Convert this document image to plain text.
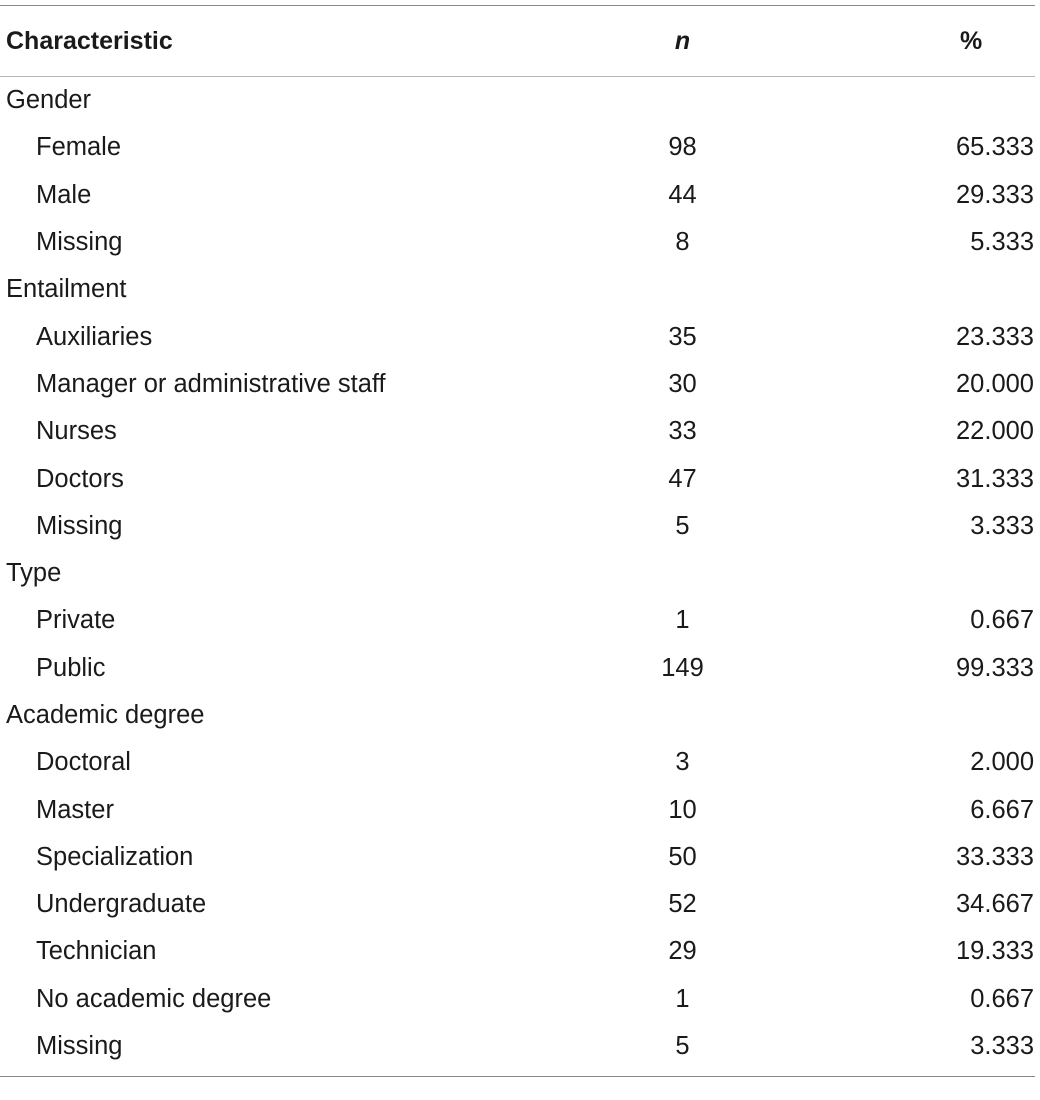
Characteristic	n	%
Gender
Female	98	65.333
Male	44	29.333
Missing	8	5.333
Entailment
Auxiliaries	35	23.333
Manager or administrative staff	30	20.000
Nurses	33	22.000
Doctors	47	31.333
Missing	5	3.333
Type
Private	1	0.667
Public	149	99.333
Academic degree
Doctoral	3	2.000
Master	10	6.667
Specialization	50	33.333
Undergraduate	52	34.667
Technician	29	19.333
No academic degree	1	0.667
Missing	5	3.333
